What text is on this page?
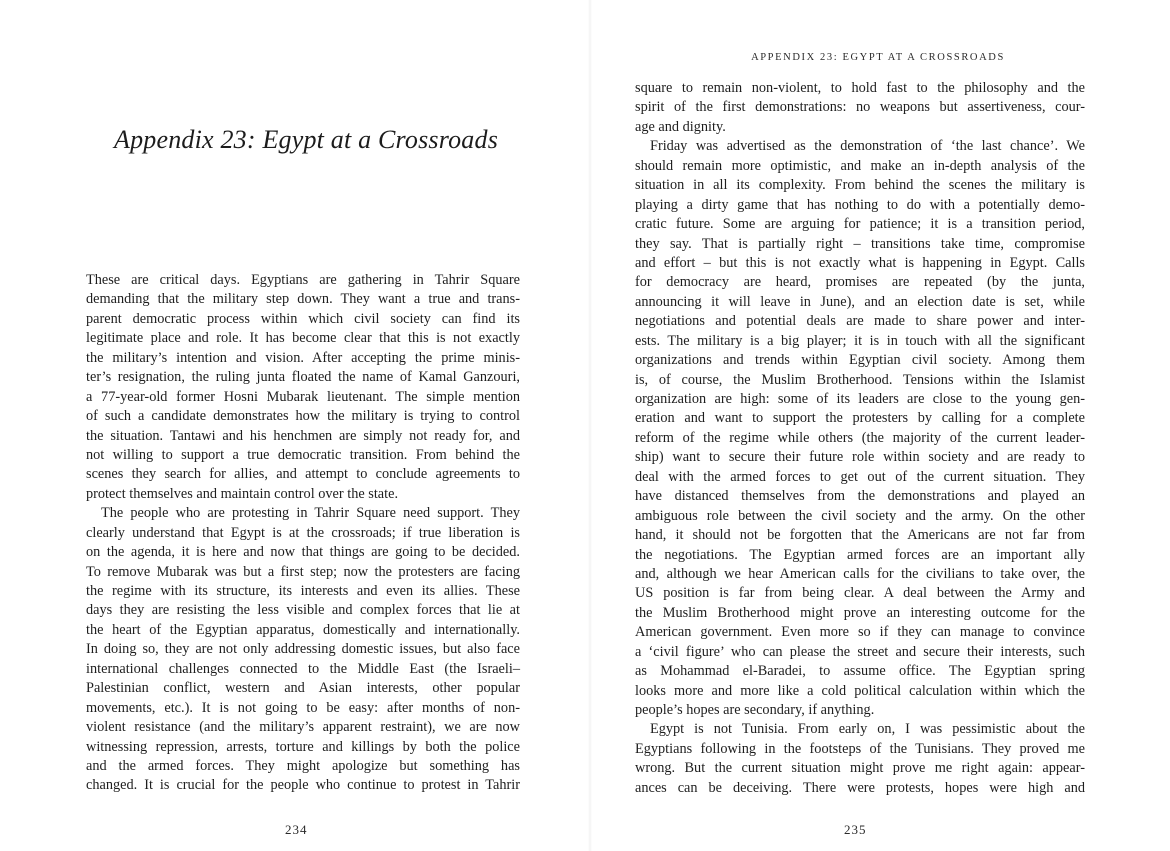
Appendix 23: Egypt at a Crossroads
These are critical days. Egyptians are gathering in Tahrir Square
demanding that the military step down. They want a true and trans-
parent democratic process within which civil society can find its
legitimate place and role. It has become clear that this is not exactly
the military’s intention and vision. After accepting the prime minis-
ter’s resignation, the ruling junta floated the name of Kamal Ganzouri,
a 77-year-old former Hosni Mubarak lieutenant. The simple mention
of such a candidate demonstrates how the military is trying to control
the situation. Tantawi and his henchmen are simply not ready for, and
not willing to support a true democratic transition. From behind the
scenes they search for allies, and attempt to conclude agreements to
protect themselves and maintain control over the state.
The people who are protesting in Tahrir Square need support. They
clearly understand that Egypt is at the crossroads; if true liberation is
on the agenda, it is here and now that things are going to be decided.
To remove Mubarak was but a first step; now the protesters are facing
the regime with its structure, its interests and even its allies. These
days they are resisting the less visible and complex forces that lie at
the heart of the Egyptian apparatus, domestically and internationally.
In doing so, they are not only addressing domestic issues, but also face
international challenges connected to the Middle East (the Israeli–
Palestinian conflict, western and Asian interests, other popular
movements, etc.). It is not going to be easy: after months of non-
violent resistance (and the military’s apparent restraint), we are now
witnessing repression, arrests, torture and killings by both the police
and the armed forces. They might apologize but something has
changed. It is crucial for the people who continue to protest in Tahrir
234
APPENDIX 23: EGYPT AT A CROSSROADS
square to remain non-violent, to hold fast to the philosophy and the
spirit of the first demonstrations: no weapons but assertiveness, cour-
age and dignity.
Friday was advertised as the demonstration of ‘the last chance’. We
should remain more optimistic, and make an in-depth analysis of the
situation in all its complexity. From behind the scenes the military is
playing a dirty game that has nothing to do with a potentially demo-
cratic future. Some are arguing for patience; it is a transition period,
they say. That is partially right – transitions take time, compromise
and effort – but this is not exactly what is happening in Egypt. Calls
for democracy are heard, promises are repeated (by the junta,
announcing it will leave in June), and an election date is set, while
negotiations and potential deals are made to share power and inter-
ests. The military is a big player; it is in touch with all the significant
organizations and trends within Egyptian civil society. Among them
is, of course, the Muslim Brotherhood. Tensions within the Islamist
organization are high: some of its leaders are close to the young gen-
eration and want to support the protesters by calling for a complete
reform of the regime while others (the majority of the current leader-
ship) want to secure their future role within society and are ready to
deal with the armed forces to get out of the current situation. They
have distanced themselves from the demonstrations and played an
ambiguous role between the civil society and the army. On the other
hand, it should not be forgotten that the Americans are not far from
the negotiations. The Egyptian armed forces are an important ally
and, although we hear American calls for the civilians to take over, the
US position is far from being clear. A deal between the Army and
the Muslim Brotherhood might prove an interesting outcome for the
American government. Even more so if they can manage to convince
a ‘civil figure’ who can please the street and secure their interests, such
as Mohammad el-Baradei, to assume office. The Egyptian spring
looks more and more like a cold political calculation within which the
people’s hopes are secondary, if anything.
Egypt is not Tunisia. From early on, I was pessimistic about the
Egyptians following in the footsteps of the Tunisians. They proved me
wrong. But the current situation might prove me right again: appear-
ances can be deceiving. There were protests, hopes were high and
235
